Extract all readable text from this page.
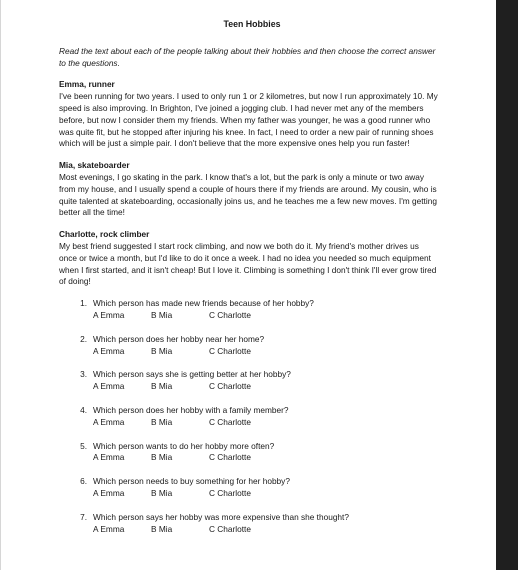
Teen Hobbies
Read the text about each of the people talking about their hobbies and then choose the correct answer to the questions.
Emma, runner
I've been running for two years. I used to only run 1 or 2 kilometres, but now I run approximately 10. My speed is also improving. In Brighton, I've joined a jogging club. I had never met any of the members before, but now I consider them my friends. When my father was younger, he was a good runner who was quite fit, but he stopped after injuring his knee. In fact, I need to order a new pair of running shoes which will be just a simple pair. I don't believe that the more expensive ones help you run faster!
Mia, skateboarder
Most evenings, I go skating in the park. I know that's a lot, but the park is only a minute or two away from my house, and I usually spend a couple of hours there if my friends are around. My cousin, who is quite talented at skateboarding, occasionally joins us, and he teaches me a few new moves. I'm getting better all the time!
Charlotte, rock climber
My best friend suggested I start rock climbing, and now we both do it. My friend's mother drives us once or twice a month, but I'd like to do it once a week. I had no idea you needed so much equipment when I first started, and it isn't cheap! But I love it. Climbing is something I don't think I'll ever grow tired of doing!
1. Which person has made new friends because of her hobby?
A Emma	B Mia	C Charlotte
2. Which person does her hobby near her home?
A Emma	B Mia	C Charlotte
3. Which person says she is getting better at her hobby?
A Emma	B Mia	C Charlotte
4. Which person does her hobby with a family member?
A Emma	B Mia	C Charlotte
5. Which person wants to do her hobby more often?
A Emma	B Mia	C Charlotte
6. Which person needs to buy something for her hobby?
A Emma	B Mia	C Charlotte
7. Which person says her hobby was more expensive than she thought?
A Emma	B Mia	C Charlotte
